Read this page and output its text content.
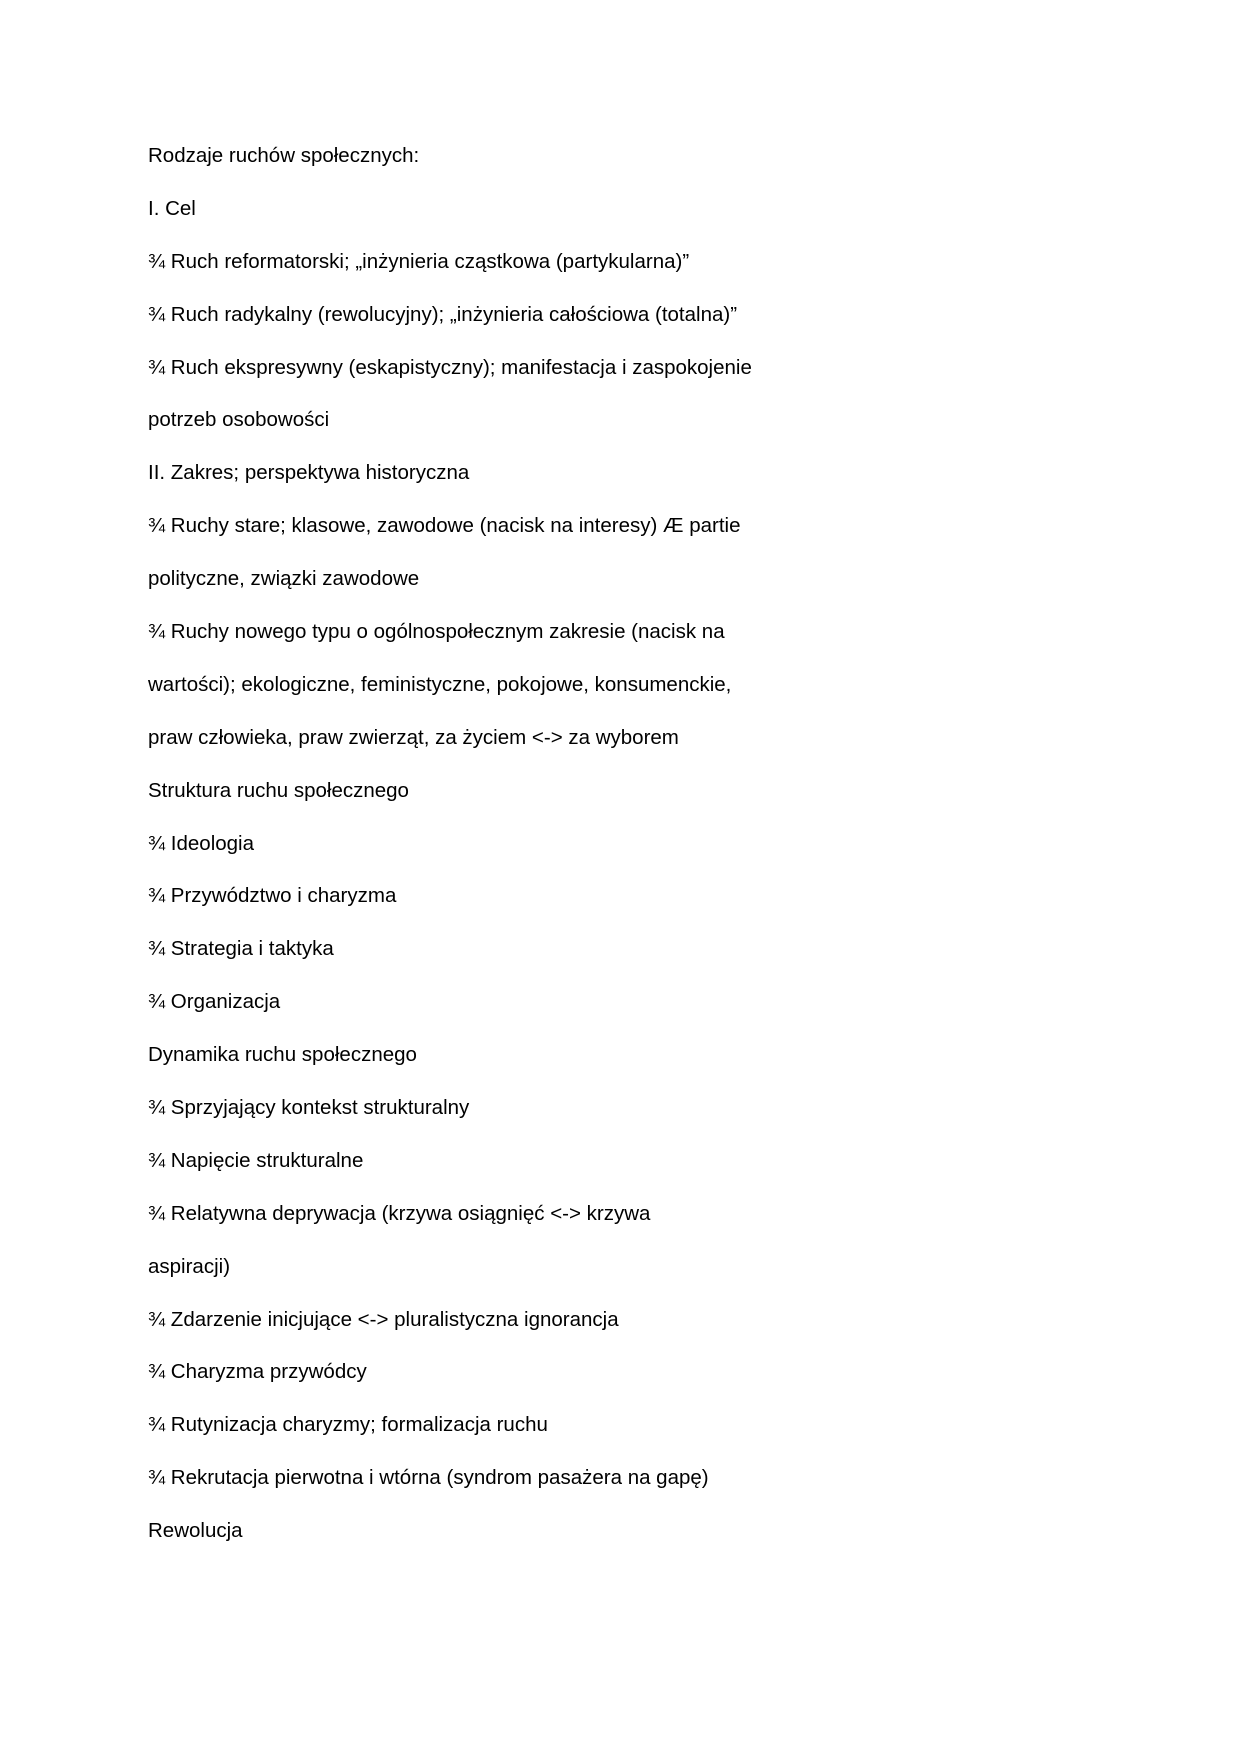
Rodzaje ruchów społecznych:
I. Cel
¾ Ruch reformatorski; „inżynieria cząstkowa (partykularna)”
¾ Ruch radykalny (rewolucyjny); „inżynieria całościowa (totalna)”
¾ Ruch ekspresywny (eskapistyczny); manifestacja i zaspokojenie
potrzeb osobowości
II. Zakres; perspektywa historyczna
¾ Ruchy stare; klasowe, zawodowe (nacisk na interesy) Æ partie
polityczne, związki zawodowe
¾ Ruchy nowego typu o ogólnospołecznym zakresie (nacisk na
wartości); ekologiczne, feministyczne, pokojowe, konsumenckie,
praw człowieka, praw zwierząt, za życiem <-> za wyborem
Struktura ruchu społecznego
¾ Ideologia
¾ Przywództwo i charyzma
¾ Strategia i taktyka
¾ Organizacja
Dynamika ruchu społecznego
¾ Sprzyjający kontekst strukturalny
¾ Napięcie strukturalne
¾ Relatywna deprywacja (krzywa osiągnięć <-> krzywa
aspiracji)
¾ Zdarzenie inicjujące <-> pluralistyczna ignorancja
¾ Charyzma przywódcy
¾ Rutynizacja charyzmy; formalizacja ruchu
¾ Rekrutacja pierwotna i wtórna (syndrom pasażera na gapę)
Rewolucja
